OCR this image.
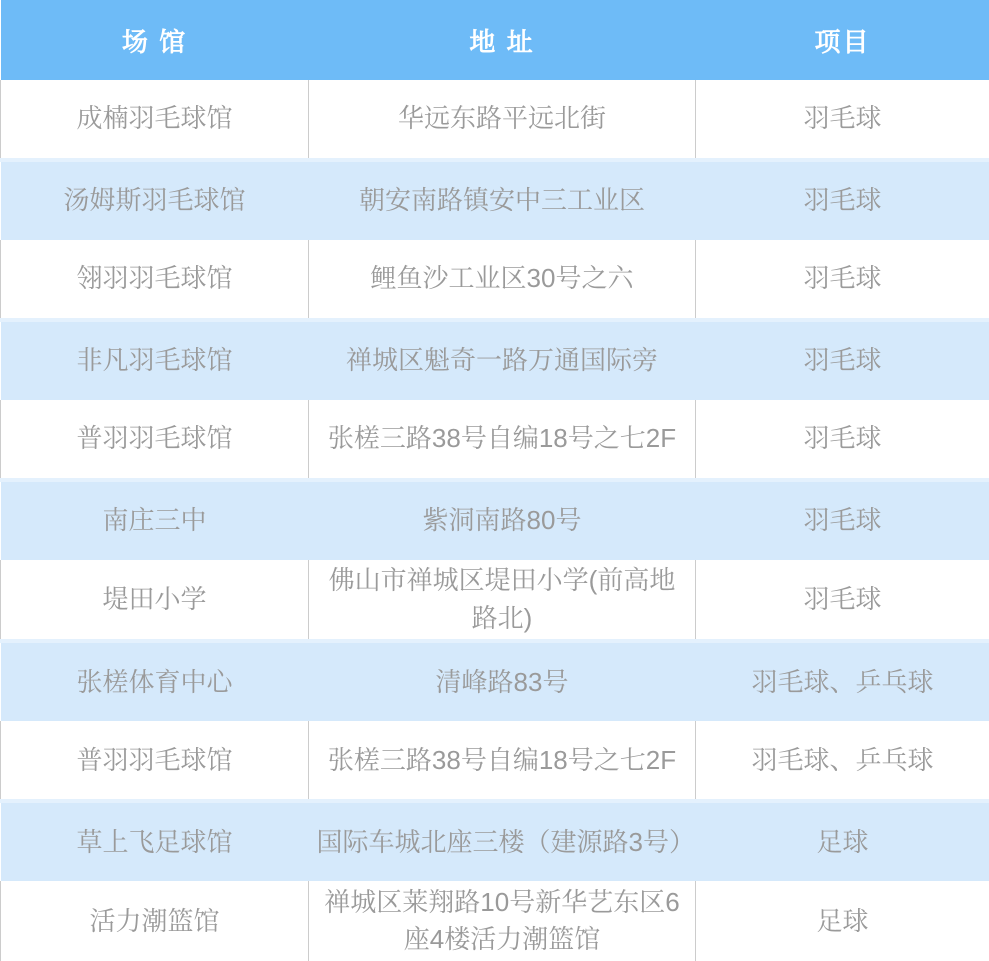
场 馆	地 址	项目
成楠羽毛球馆	华远东路平远北街	羽毛球
汤姆斯羽毛球馆	朝安南路镇安中三工业区	羽毛球
翎羽羽毛球馆	鲤鱼沙工业区30号之六	羽毛球
非凡羽毛球馆	禅城区魁奇一路万通国际旁	羽毛球
普羽羽毛球馆	张槎三路38号自编18号之七2F	羽毛球
南庄三中	紫洞南路80号	羽毛球
堤田小学	佛山市禅城区堤田小学(前高地路北)	羽毛球
张槎体育中心	清峰路83号	羽毛球、乒乓球
普羽羽毛球馆	张槎三路38号自编18号之七2F	羽毛球、乒乓球
草上飞足球馆	国际车城北座三楼（建源路3号）	足球
活力潮篮馆	禅城区莱翔路10号新华艺东区6座4楼活力潮篮馆	足球
